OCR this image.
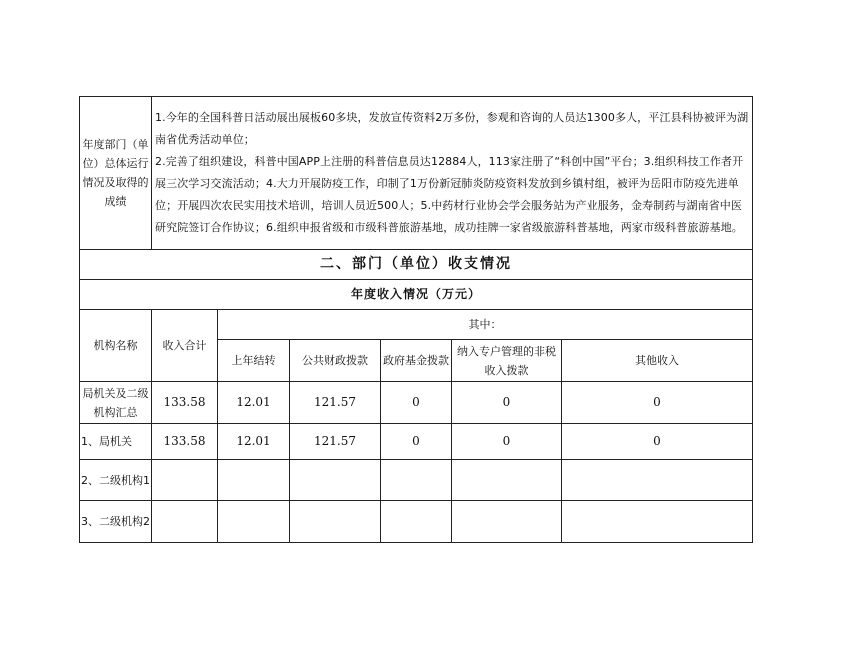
年度部门（单位）总体运行情况及取得的成绩	1.今年的全国科普日活动展出展板60多块，发放宣传资料2万多份，参观和咨询的人员达1300多人，平江县科协被评为湖南省优秀活动单位；

2.完善了组织建设，科普中国APP上注册的科普信息员达12884人，113家注册了“科创中国”平台；3.组织科技工作者开展三次学习交流活动；4.大力开展防疫工作，印制了1万份新冠肺炎防疫资料发放到乡镇村组，被评为岳阳市防疫先进单位；开展四次农民实用技术培训，培训人员近500人；5.中药材行业协会学会服务站为产业服务，金寿制药与湖南省中医研究院签订合作协议；6.组织申报省级和市级科普旅游基地，成功挂牌一家省级旅游科普基地，两家市级科普旅游基地。					

二、部门（单位）收支情况						
年度收入情况（万元）						
机构名称	收入合计	其中：				
		上年结转	公共财政拨款	政府基金拨款	纳入专户管理的非税收入拨款	其他收入
局机关及二级机构汇总	133.58	12.01	121.57	0	0	0
1、局机关	133.58	12.01	121.57	0	0	0
2、二级机构1						
3、二级机构2						
